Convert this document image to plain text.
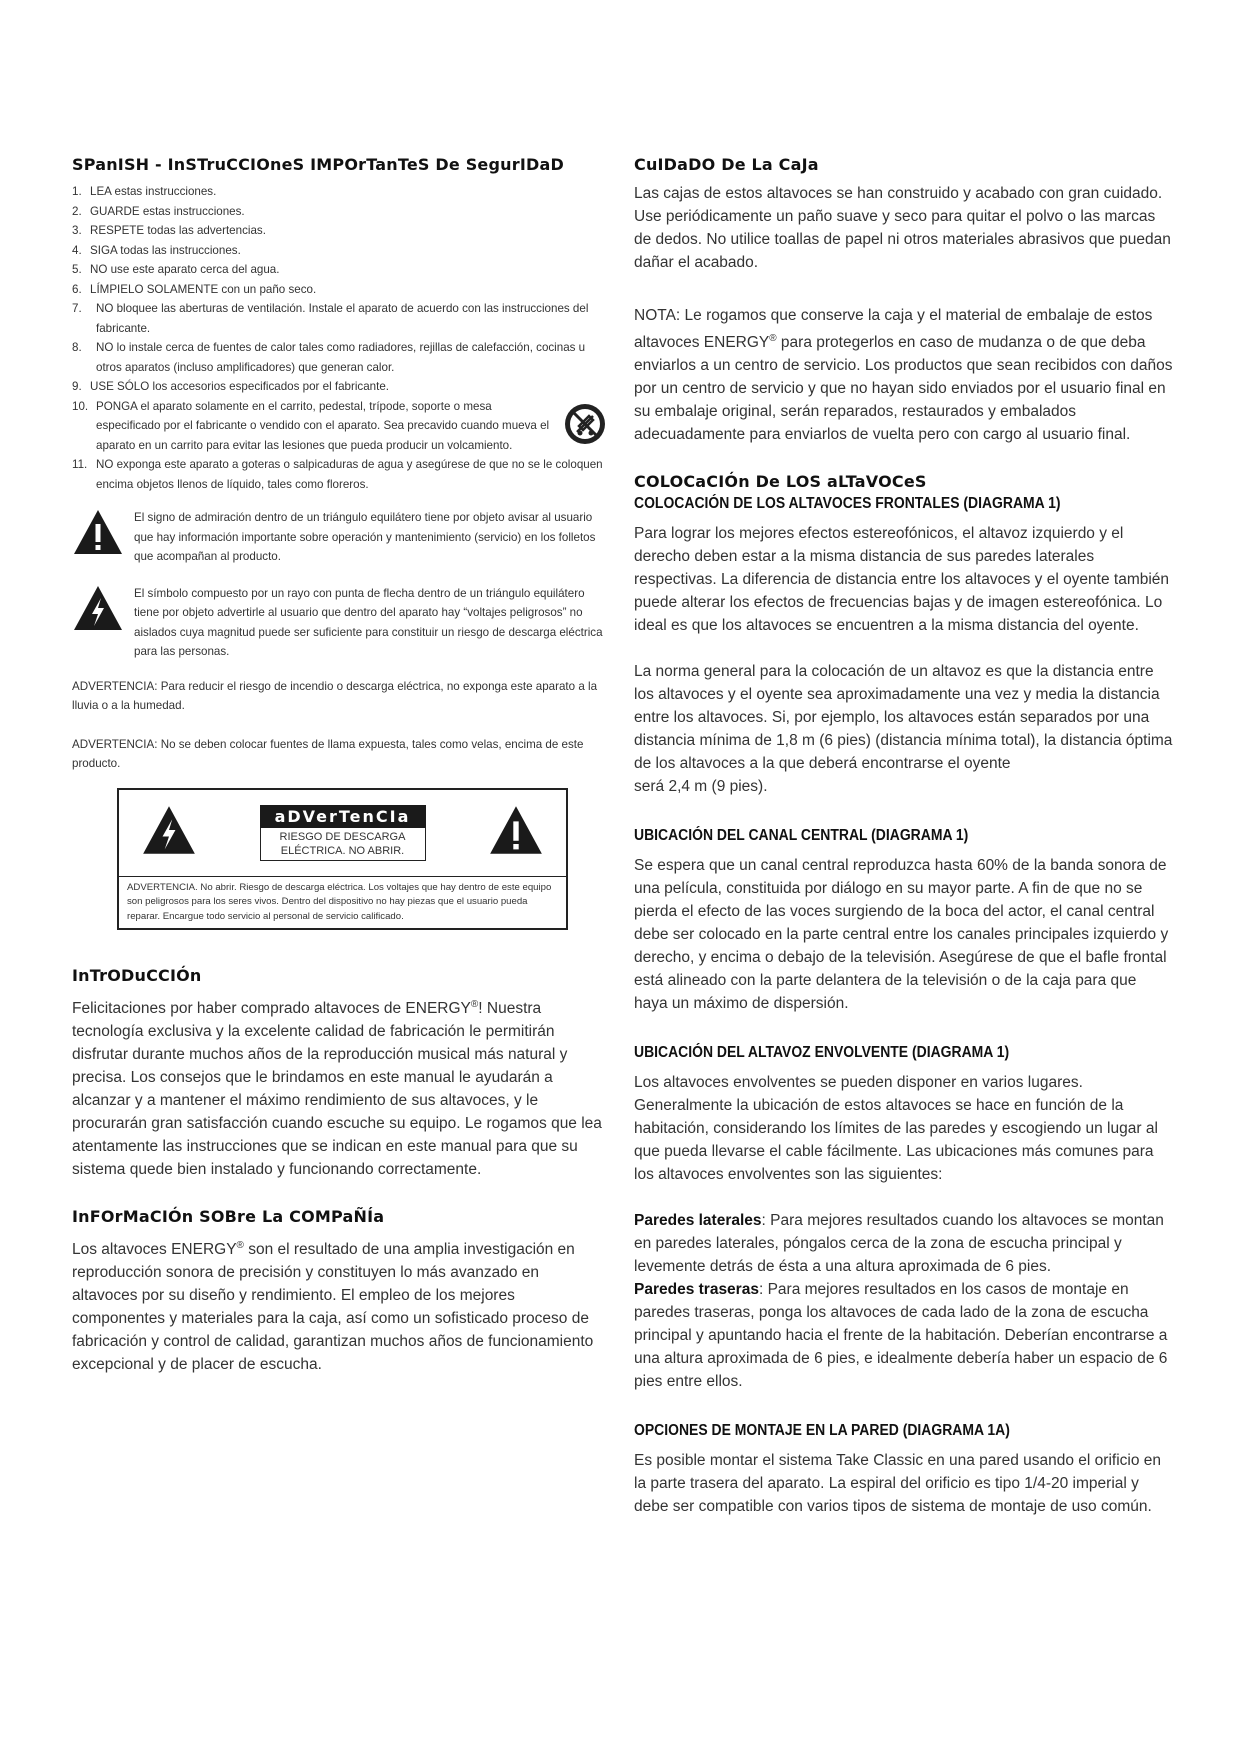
SPanISH - InSTruCCIOneS IMPOrTanTeS De SegurIDaD
1. LEA estas instrucciones.
2. GUARDE estas instrucciones.
3. RESPETE todas las advertencias.
4. SIGA todas las instrucciones.
5. NO use este aparato cerca del agua.
6. LÍMPIELO SOLAMENTE con un paño seco.
7. NO bloquee las aberturas de ventilación. Instale el aparato de acuerdo con las instrucciones del fabricante.
8. NO lo instale cerca de fuentes de calor tales como radiadores, rejillas de calefacción, cocinas u otros aparatos (incluso amplificadores) que generan calor.
9. USE SÓLO los accesorios especificados por el fabricante.
10. PONGA el aparato solamente en el carrito, pedestal, trípode, soporte o mesa especificado por el fabricante o vendido con el aparato. Sea precavido cuando mueva el aparato en un carrito para evitar las lesiones que pueda producir un volcamiento.
11. NO exponga este aparato a goteras o salpicaduras de agua y asegúrese de que no se le coloquen encima objetos llenos de líquido, tales como floreros.
El signo de admiración dentro de un triángulo equilátero tiene por objeto avisar al usuario que hay información importante sobre operación y mantenimiento (servicio) en los folletos que acompañan al producto.
El símbolo compuesto por un rayo con punta de flecha dentro de un triángulo equilátero tiene por objeto advertirle al usuario que dentro del aparato hay “voltajes peligrosos” no aislados cuya magnitud puede ser suficiente para constituir un riesgo de descarga eléctrica para las personas.

ADVERTENCIA: Para reducir el riesgo de incendio o descarga eléctrica, no exponga este aparato a la lluvia o a la humedad.

ADVERTENCIA: No se deben colocar fuentes de llama expuesta, tales como velas, encima de este producto.

aDVerTenCIa
RIESGO DE DESCARGA
ELÉCTRICA. NO ABRIR.
ADVERTENCIA. No abrir. Riesgo de descarga eléctrica. Los voltajes que hay dentro de este equipo son peligrosos para los seres vivos. Dentro del dispositivo no hay piezas que el usuario pueda reparar. Encargue todo servicio al personal de servicio calificado.
InTrODuCCIÓn

Felicitaciones por haber comprado altavoces de ENERGY®! Nuestra tecnología exclusiva y la excelente calidad de fabricación le permitirán disfrutar durante muchos años de la reproducción musical más natural y precisa. Los consejos que le brindamos en este manual le ayudarán a alcanzar y a mantener el máximo rendimiento de sus altavoces, y le procurarán gran satisfacción cuando escuche su equipo. Le rogamos que lea atentamente las instrucciones que se indican en este manual para que su sistema quede bien instalado y funcionando correctamente.

InFOrMaCIÓn SOBre La COMPaÑÍa

Los altavoces ENERGY® son el resultado de una amplia investigación en reproducción sonora de precisión y constituyen lo más avanzado en altavoces por su diseño y rendimiento. El empleo de los mejores componentes y materiales para la caja, así como un sofisticado proceso de fabricación y control de calidad, garantizan muchos años de funcionamiento excepcional y de placer de escucha.

CuIDaDO De La CaJa

Las cajas de estos altavoces se han construido y acabado con gran cuidado. Use periódicamente un paño suave y seco para quitar el polvo o las marcas de dedos. No utilice toallas de papel ni otros materiales abrasivos que puedan dañar el acabado.

NOTA: Le rogamos que conserve la caja y el material de embalaje de estos altavoces ENERGY® para protegerlos en caso de mudanza o de que deba enviarlos a un centro de servicio. Los productos que sean recibidos con daños por un centro de servicio y que no hayan sido enviados por el usuario final en su embalaje original, serán reparados, restaurados y embalados adecuadamente para enviarlos de vuelta pero con cargo al usuario final.

COLOCaCIÓn De LOS aLTaVOCeS
COLOCACIÓN DE LOS ALTAVOCES FRONTALES (DIAGRAMA 1)

Para lograr los mejores efectos estereofónicos, el altavoz izquierdo y el derecho deben estar a la misma distancia de sus paredes laterales respectivas. La diferencia de distancia entre los altavoces y el oyente también puede alterar los efectos de frecuencias bajas y de imagen estereofónica. Lo ideal es que los altavoces se encuentren a la misma distancia del oyente.

La norma general para la colocación de un altavoz es que la distancia entre los altavoces y el oyente sea aproximadamente una vez y media la distancia entre los altavoces. Si, por ejemplo, los altavoces están separados por una distancia mínima de 1,8 m (6 pies) (distancia mínima total), la distancia óptima de los altavoces a la que deberá encontrarse el oyente

será 2,4 m (9 pies).

UBICACIÓN DEL CANAL CENTRAL (DIAGRAMA 1)

Se espera que un canal central reproduzca hasta 60% de la banda sonora de una película, constituida por diálogo en su mayor parte. A fin de que no se pierda el efecto de las voces surgiendo de la boca del actor, el canal central debe ser colocado en la parte central entre los canales principales izquierdo y derecho, y encima o debajo de la televisión. Asegúrese de que el bafle frontal está alineado con la parte delantera de la televisión o de la caja para que haya un máximo de dispersión.

UBICACIÓN DEL ALTAVOZ ENVOLVENTE (DIAGRAMA 1)

Los altavoces envolventes se pueden disponer en varios lugares. Generalmente la ubicación de estos altavoces se hace en función de la habitación, considerando los límites de las paredes y escogiendo un lugar al que pueda llevarse el cable fácilmente. Las ubicaciones más comunes para los altavoces envolventes son las siguientes:

Paredes laterales: Para mejores resultados cuando los altavoces se montan en paredes laterales, póngalos cerca de la zona de escucha principal y levemente detrás de ésta a una altura aproximada de 6 pies.

Paredes traseras: Para mejores resultados en los casos de montaje en paredes traseras, ponga los altavoces de cada lado de la zona de escucha principal y apuntando hacia el frente de la habitación. Deberían encontrarse a una altura aproximada de 6 pies, e idealmente debería haber un espacio de 6 pies entre ellos.

OPCIONES DE MONTAJE EN LA PARED (DIAGRAMA 1A)

Es posible montar el sistema Take Classic en una pared usando el orificio en la parte trasera del aparato. La espiral del orificio es tipo 1/4-20 imperial y debe ser compatible con varios tipos de sistema de montaje de uso común.
